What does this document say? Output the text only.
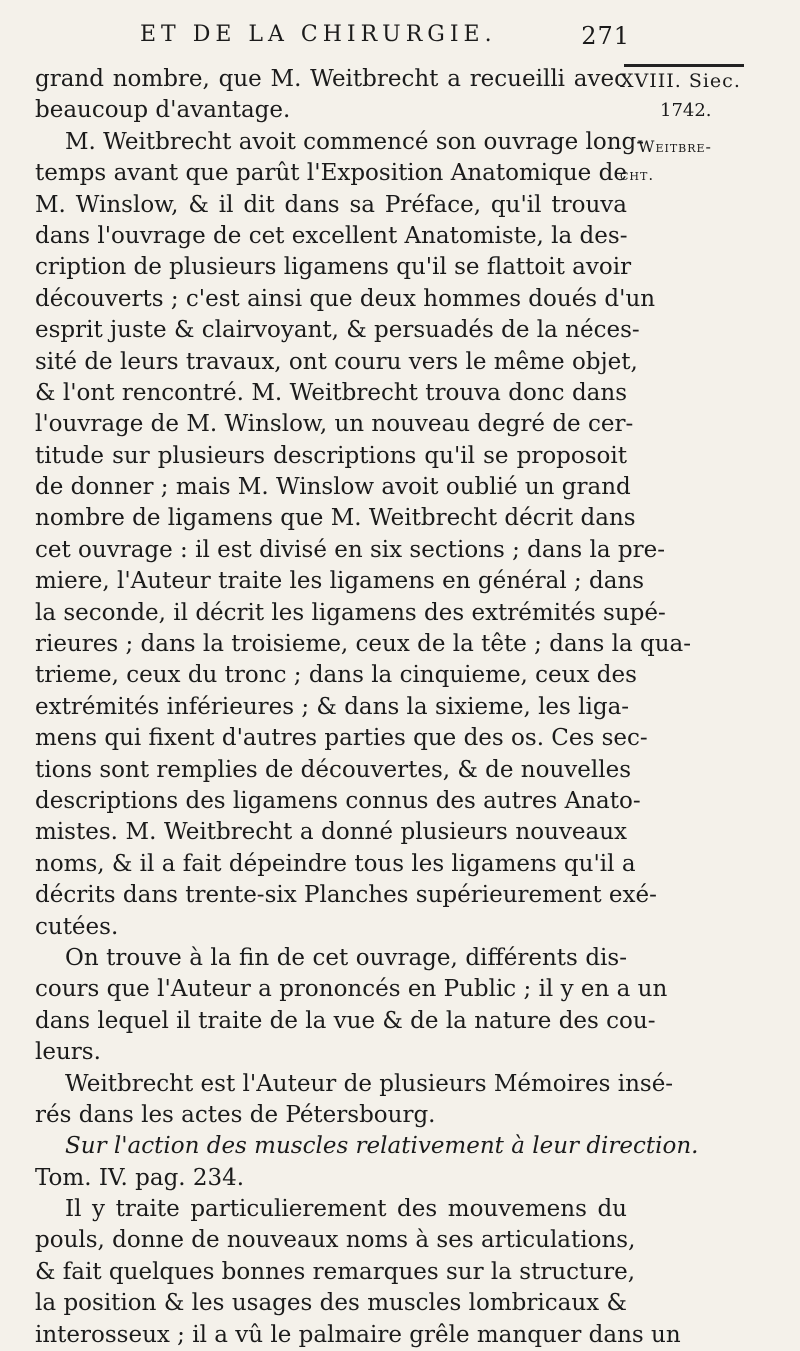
ET DE LA CHIRURGIE.	271
XVIII. Siec.
1742.
Weitbre-
cht.
grand nombre, que M. Weitbrecht a recueilli avec
beaucoup d'avantage.
M. Weitbrecht avoit commencé son ouvrage long-
temps avant que parût l'Exposition Anatomique de
M. Winslow, & il dit dans sa Préface, qu'il trouva
dans l'ouvrage de cet excellent Anatomiste, la des-
cription de plusieurs ligamens qu'il se flattoit avoir
découverts ; c'est ainsi que deux hommes doués d'un
esprit juste & clairvoyant, & persuadés de la néces-
sité de leurs travaux, ont couru vers le même objet,
& l'ont rencontré. M. Weitbrecht trouva donc dans
l'ouvrage de M. Winslow, un nouveau degré de cer-
titude sur plusieurs descriptions qu'il se proposoit
de donner ; mais M. Winslow avoit oublié un grand
nombre de ligamens que M. Weitbrecht décrit dans
cet ouvrage : il est divisé en six sections ; dans la pre-
miere, l'Auteur traite les ligamens en général ; dans
la seconde, il décrit les ligamens des extrémités supé-
rieures ; dans la troisieme, ceux de la tête ; dans la qua-
trieme, ceux du tronc ; dans la cinquieme, ceux des
extrémités inférieures ; & dans la sixieme, les liga-
mens qui fixent d'autres parties que des os. Ces sec-
tions sont remplies de découvertes, & de nouvelles
descriptions des ligamens connus des autres Anato-
mistes. M. Weitbrecht a donné plusieurs nouveaux
noms, & il a fait dépeindre tous les ligamens qu'il a
décrits dans trente-six Planches supérieurement exé-
cutées.
On trouve à la fin de cet ouvrage, différents dis-
cours que l'Auteur a prononcés en Public ; il y en a un
dans lequel il traite de la vue & de la nature des cou-
leurs.
Weitbrecht est l'Auteur de plusieurs Mémoires insé-
rés dans les actes de Pétersbourg.
Sur l'action des muscles relativement à leur direction.
Tom. IV. pag. 234.
Il y traite particulierement des mouvemens du
pouls, donne de nouveaux noms à ses articulations,
& fait quelques bonnes remarques sur la structure,
la position & les usages des muscles lombricaux &
interosseux ; il a vû le palmaire grêle manquer dans un
